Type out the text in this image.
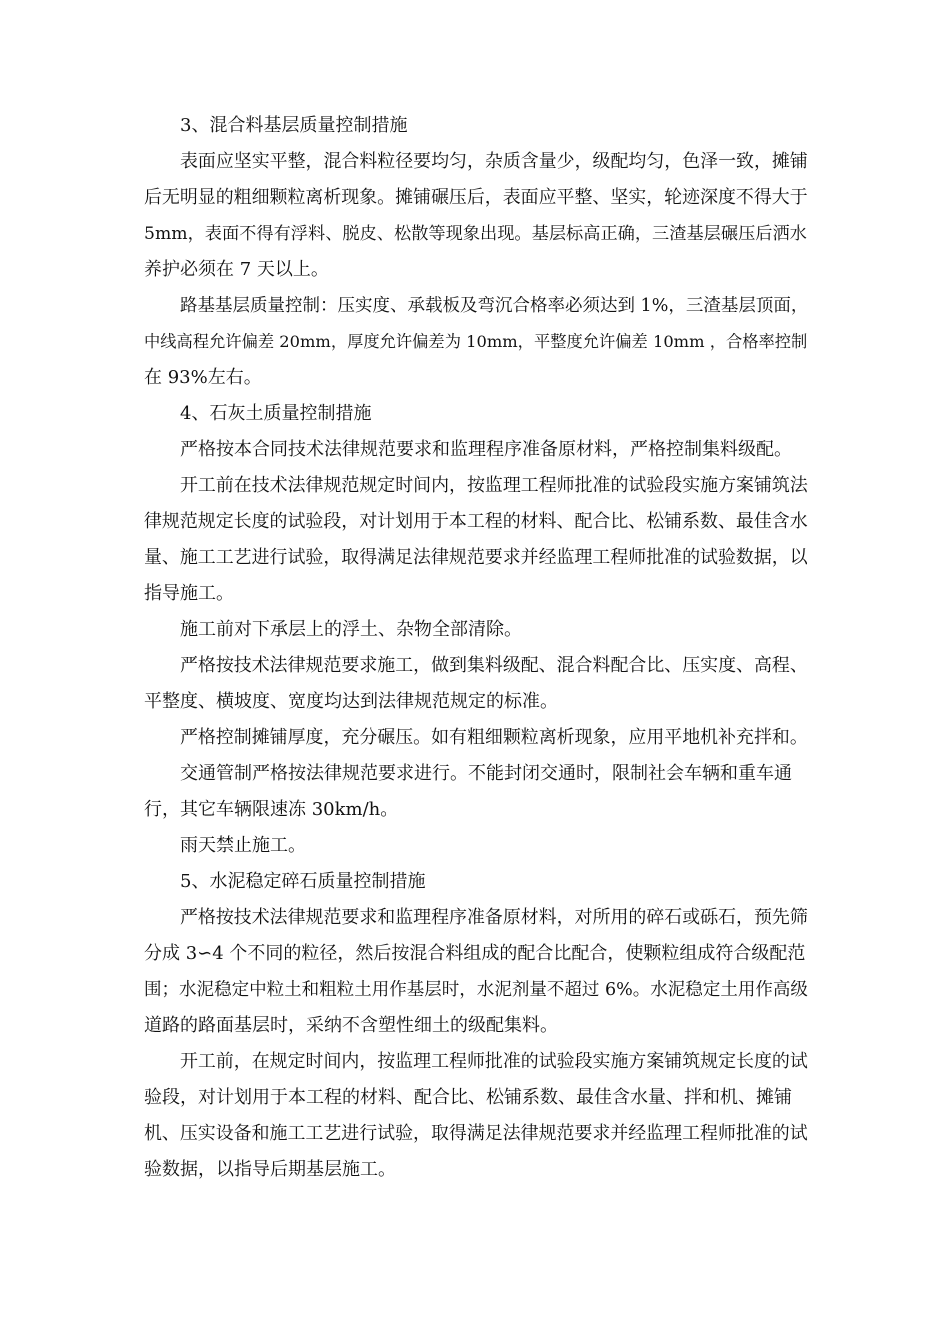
3、混合料基层质量控制措施
表面应坚实平整，混合料粒径要均匀，杂质含量少，级配均匀，色泽一致，摊铺
后无明显的粗细颗粒离析现象。摊铺碾压后，表面应平整、坚实，轮迹深度不得大于
5mm，表面不得有浮料、脱皮、松散等现象出现。基层标高正确，三渣基层碾压后洒水
养护必须在 7 天以上。
路基基层质量控制：压实度、承载板及弯沉合格率必须达到 1%，三渣基层顶面，
中线高程允许偏差 20mm，厚度允许偏差为 10mm，平整度允许偏差 10mm ，合格率控制
在 93%左右。
4、石灰土质量控制措施
严格按本合同技术法律规范要求和监理程序准备原材料，严格控制集料级配。
开工前在技术法律规范规定时间内，按监理工程师批准的试验段实施方案铺筑法
律规范规定长度的试验段，对计划用于本工程的材料、配合比、松铺系数、最佳含水
量、施工工艺进行试验，取得满足法律规范要求并经监理工程师批准的试验数据，以
指导施工。
施工前对下承层上的浮土、杂物全部清除。
严格按技术法律规范要求施工，做到集料级配、混合料配合比、压实度、高程、
平整度、横坡度、宽度均达到法律规范规定的标准。
严格控制摊铺厚度，充分碾压。如有粗细颗粒离析现象，应用平地机补充拌和。
交通管制严格按法律规范要求进行。不能封闭交通时，限制社会车辆和重车通
行，其它车辆限速冻 30km/h。
雨天禁止施工。
5、水泥稳定碎石质量控制措施
严格按技术法律规范要求和监理程序准备原材料，对所用的碎石或砾石，预先筛
分成 3∽4 个不同的粒径，然后按混合料组成的配合比配合，使颗粒组成符合级配范
围；水泥稳定中粒土和粗粒土用作基层时，水泥剂量不超过 6%。水泥稳定土用作高级
道路的路面基层时，采纳不含塑性细土的级配集料。
开工前，在规定时间内，按监理工程师批准的试验段实施方案铺筑规定长度的试
验段，对计划用于本工程的材料、配合比、松铺系数、最佳含水量、拌和机、摊铺
机、压实设备和施工工艺进行试验，取得满足法律规范要求并经监理工程师批准的试
验数据，以指导后期基层施工。
